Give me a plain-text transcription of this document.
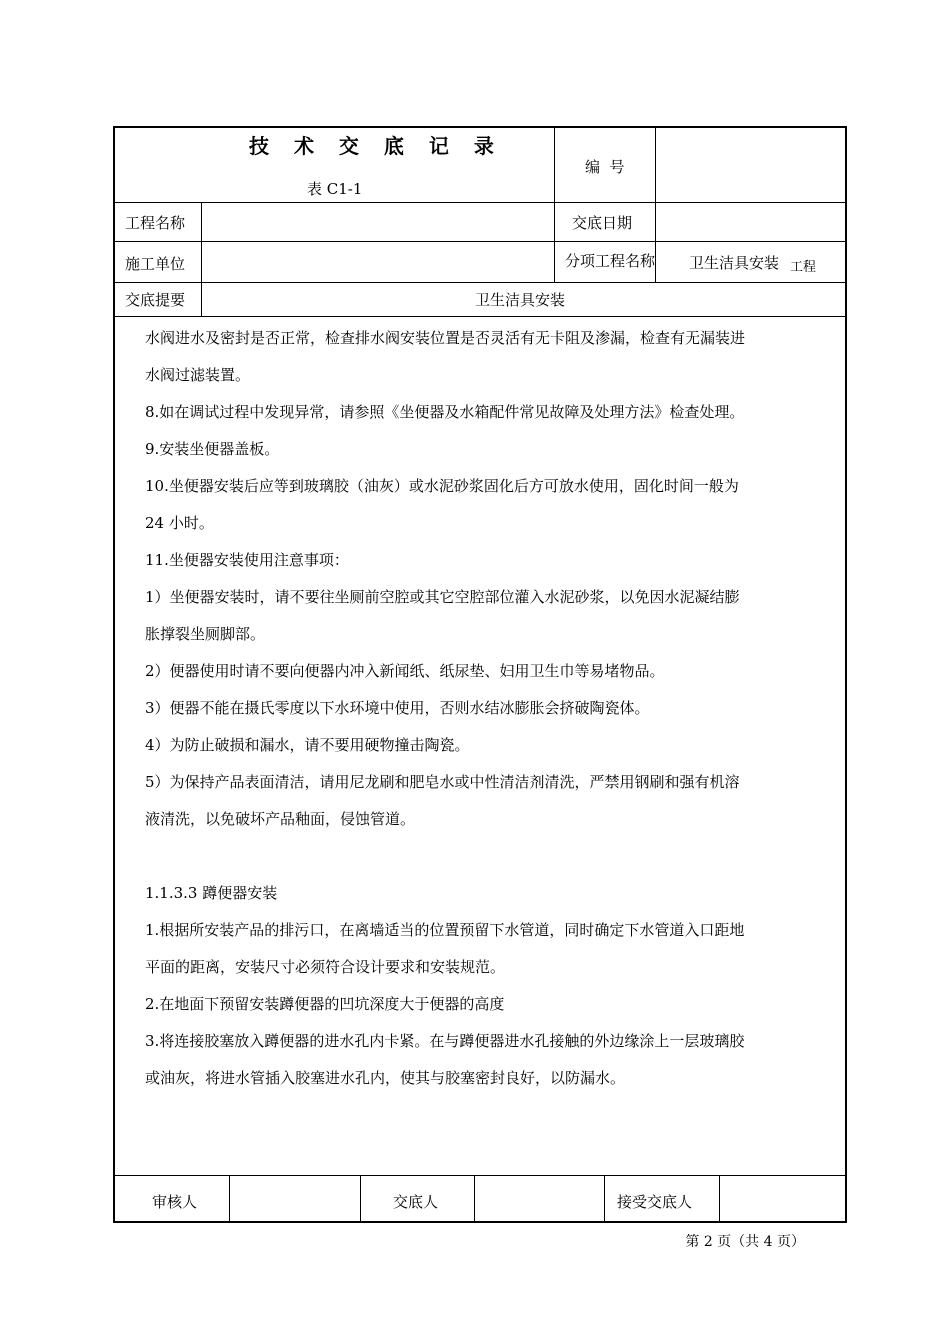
技 术 交 底 记 录
表 C1-1
编  号
工程名称	交底日期
施工单位	分项工程名称 卫生洁具安装 工程
交底提要	卫生洁具安装

水阀进水及密封是否正常，检查排水阀安装位置是否灵活有无卡阻及渗漏，检查有无漏装进

水阀过滤装置。

8.如在调试过程中发现异常，请参照《坐便器及水箱配件常见故障及处理方法》检查处理。

9.安装坐便器盖板。

10.坐便器安装后应等到玻璃胶（油灰）或水泥砂浆固化后方可放水使用，固化时间一般为

24 小时。

11.坐便器安装使用注意事项：

1）坐便器安装时，请不要往坐厕前空腔或其它空腔部位灌入水泥砂浆，以免因水泥凝结膨

胀撑裂坐厕脚部。

2）便器使用时请不要向便器内冲入新闻纸、纸尿垫、妇用卫生巾等易堵物品。

3）便器不能在摄氏零度以下水环境中使用，否则水结冰膨胀会挤破陶瓷体。

4）为防止破损和漏水，请不要用硬物撞击陶瓷。

5）为保持产品表面清洁，请用尼龙刷和肥皂水或中性清洁剂清洗，严禁用钢刷和强有机溶

液清洗，以免破坏产品釉面，侵蚀管道。

1.1.3.3 蹲便器安装

1.根据所安装产品的排污口，在离墙适当的位置预留下水管道，同时确定下水管道入口距地

平面的距离，安装尺寸必须符合设计要求和安装规范。

2.在地面下预留安装蹲便器的凹坑深度大于便器的高度

3.将连接胶塞放入蹲便器的进水孔内卡紧。在与蹲便器进水孔接触的外边缘涂上一层玻璃胶

或油灰，将进水管插入胶塞进水孔内，使其与胶塞密封良好，以防漏水。

审核人	交底人	接受交底人
第 2 页（共 4 页）
